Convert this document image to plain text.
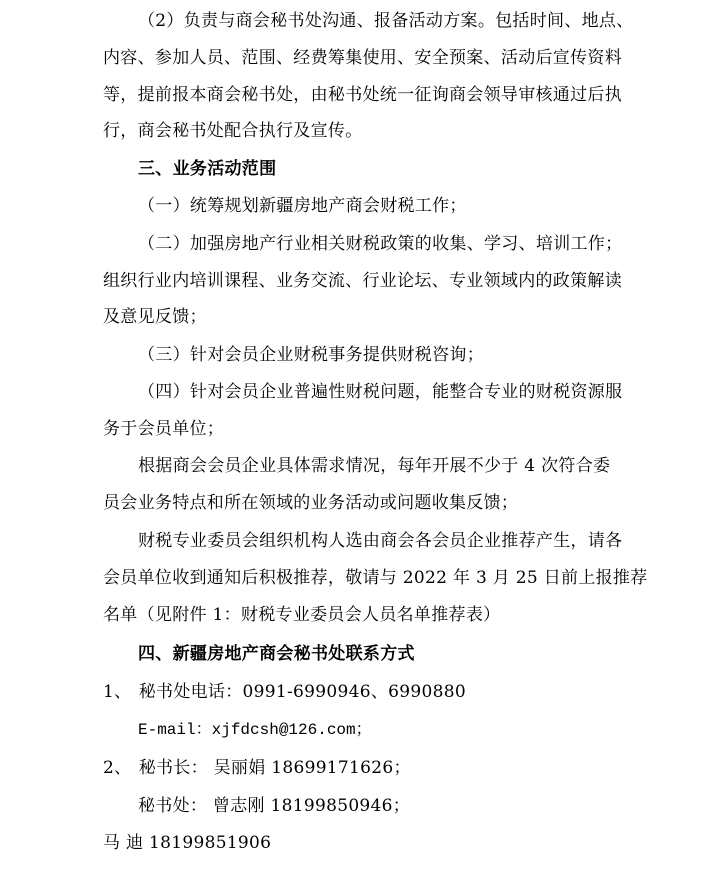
（2）负责与商会秘书处沟通、报备活动方案。包括时间、地点、
内容、参加人员、范围、经费筹集使用、安全预案、活动后宣传资料
等，提前报本商会秘书处，由秘书处统一征询商会领导审核通过后执
行，商会秘书处配合执行及宣传。
三、业务活动范围
（一）统筹规划新疆房地产商会财税工作；
（二）加强房地产行业相关财税政策的收集、学习、培训工作；
组织行业内培训课程、业务交流、行业论坛、专业领域内的政策解读
及意见反馈；
（三）针对会员企业财税事务提供财税咨询；
（四）针对会员企业普遍性财税问题，能整合专业的财税资源服
务于会员单位；
根据商会会员企业具体需求情况，每年开展不少于 4 次符合委
员会业务特点和所在领域的业务活动或问题收集反馈；
财税专业委员会组织机构人选由商会各会员企业推荐产生，请各
会员单位收到通知后积极推荐，敬请与 2022 年 3 月 25 日前上报推荐
名单（见附件 1：财税专业委员会人员名单推荐表）
四、新疆房地产商会秘书处联系方式
1、 秘书处电话：0991-6990946、6990880
E-mail：xjfdcsh@126.com；
2、 秘书长： 吴丽娟 18699171626；
秘书处： 曾志刚 18199850946；
马 迪 18199851906
